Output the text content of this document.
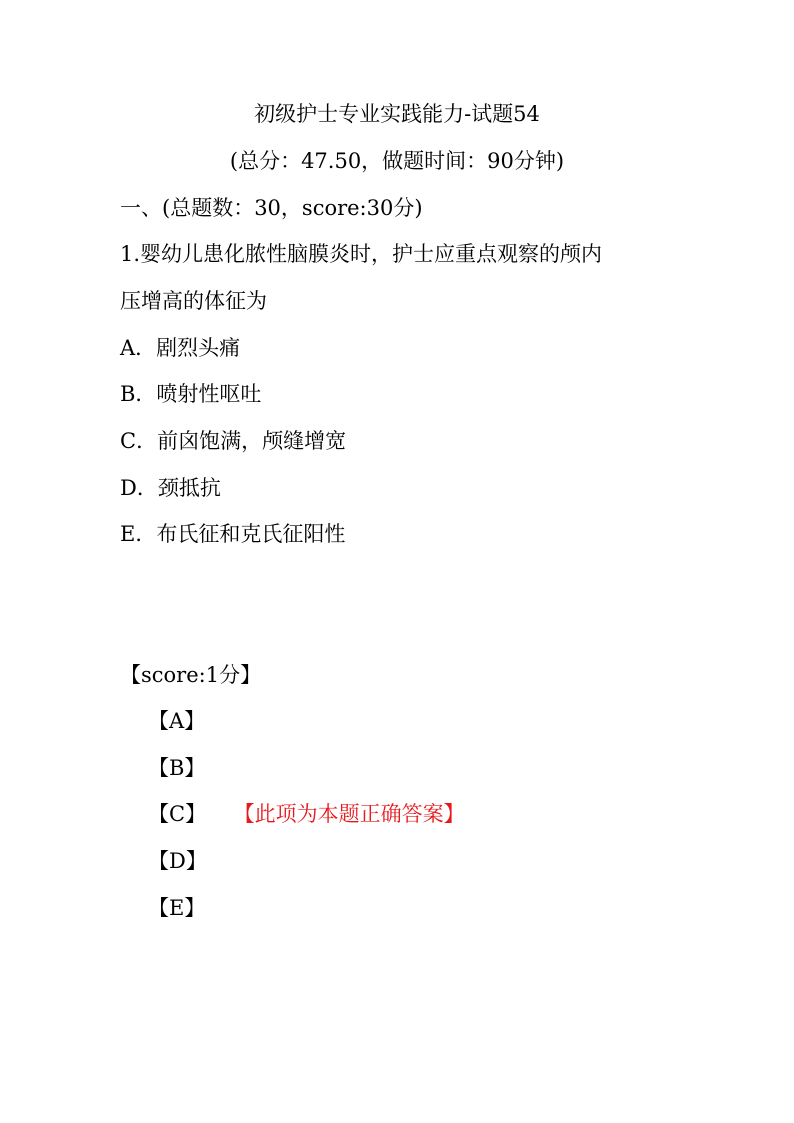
初级护士专业实践能力-试题54
(总分：47.50，做题时间：90分钟)
一、(总题数：30，score:30分)
1.婴幼儿患化脓性脑膜炎时，护士应重点观察的颅内
压增高的体征为
A．剧烈头痛
B．喷射性呕吐
C．前囟饱满，颅缝增宽
D．颈抵抗
E．布氏征和克氏征阳性
【score:1分】
【A】
【B】
【C】 【此项为本题正确答案】
【D】
【E】
